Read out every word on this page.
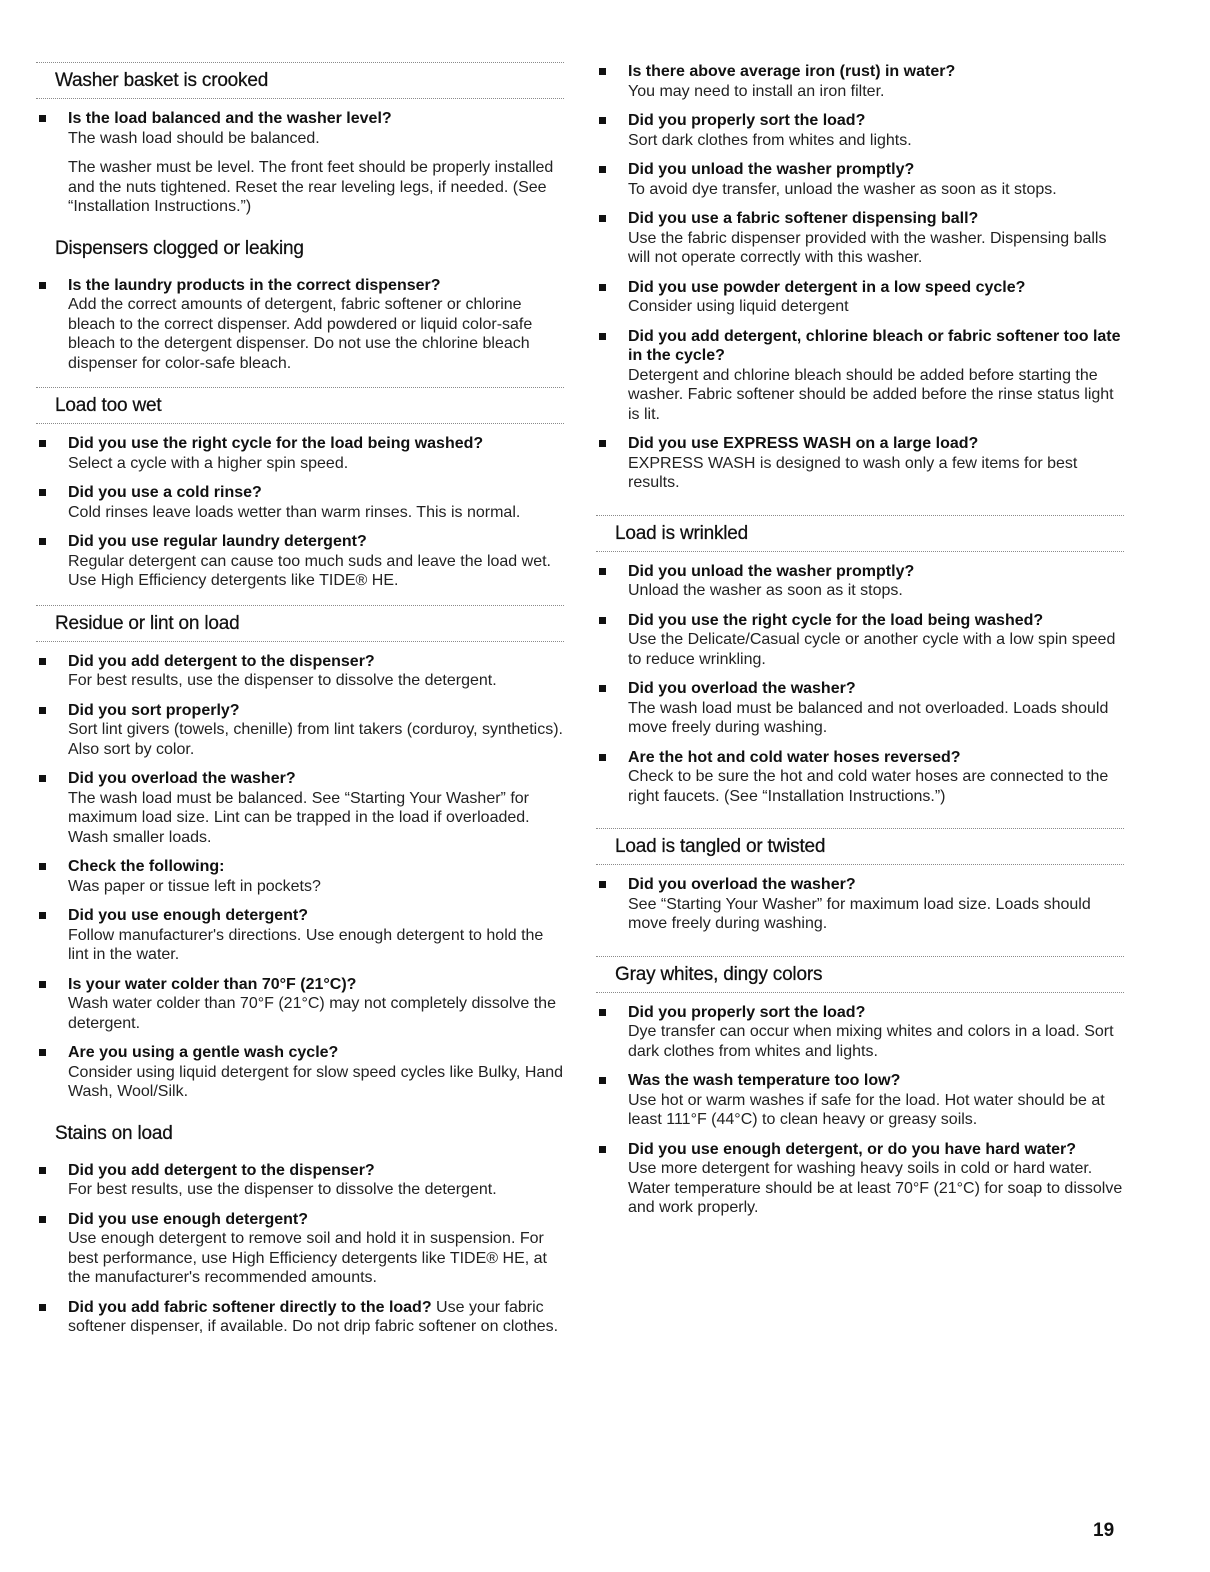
Washer basket is crooked
Is the load balanced and the washer level?
The wash load should be balanced.
The washer must be level. The front feet should be properly installed and the nuts tightened. Reset the rear leveling legs, if needed. (See “Installation Instructions.”)
Dispensers clogged or leaking
Is the laundry products in the correct dispenser?
Add the correct amounts of detergent, fabric softener or chlorine bleach to the correct dispenser. Add powdered or liquid color-safe bleach to the detergent dispenser. Do not use the chlorine bleach dispenser for color-safe bleach.
Load too wet
Did you use the right cycle for the load being washed?
Select a cycle with a higher spin speed.
Did you use a cold rinse?
Cold rinses leave loads wetter than warm rinses. This is normal.
Did you use regular laundry detergent?
Regular detergent can cause too much suds and leave the load wet. Use High Efficiency detergents like TIDE® HE.
Residue or lint on load
Did you add detergent to the dispenser?
For best results, use the dispenser to dissolve the detergent.
Did you sort properly?
Sort lint givers (towels, chenille) from lint takers (corduroy, synthetics). Also sort by color.
Did you overload the washer?
The wash load must be balanced. See “Starting Your Washer” for maximum load size. Lint can be trapped in the load if overloaded. Wash smaller loads.
Check the following:
Was paper or tissue left in pockets?
Did you use enough detergent?
Follow manufacturer's directions. Use enough detergent to hold the lint in the water.
Is your water colder than 70°F (21°C)?
Wash water colder than 70°F (21°C) may not completely dissolve the detergent.
Are you using a gentle wash cycle?
Consider using liquid detergent for slow speed cycles like Bulky, Hand Wash, Wool/Silk.
Stains on load
Did you add detergent to the dispenser?
For best results, use the dispenser to dissolve the detergent.
Did you use enough detergent?
Use enough detergent to remove soil and hold it in suspension. For best performance, use High Efficiency detergents like TIDE® HE, at the manufacturer's recommended amounts.
Did you add fabric softener directly to the load? Use your fabric softener dispenser, if available. Do not drip fabric softener on clothes.
Is there above average iron (rust) in water?
You may need to install an iron filter.
Did you properly sort the load?
Sort dark clothes from whites and lights.
Did you unload the washer promptly?
To avoid dye transfer, unload the washer as soon as it stops.
Did you use a fabric softener dispensing ball?
Use the fabric dispenser provided with the washer. Dispensing balls will not operate correctly with this washer.
Did you use powder detergent in a low speed cycle?
Consider using liquid detergent
Did you add detergent, chlorine bleach or fabric softener too late in the cycle?
Detergent and chlorine bleach should be added before starting the washer. Fabric softener should be added before the rinse status light is lit.
Did you use EXPRESS WASH on a large load?
EXPRESS WASH is designed to wash only a few items for best results.
Load is wrinkled
Did you unload the washer promptly?
Unload the washer as soon as it stops.
Did you use the right cycle for the load being washed?
Use the Delicate/Casual cycle or another cycle with a low spin speed to reduce wrinkling.
Did you overload the washer?
The wash load must be balanced and not overloaded. Loads should move freely during washing.
Are the hot and cold water hoses reversed?
Check to be sure the hot and cold water hoses are connected to the right faucets. (See “Installation Instructions.”)
Load is tangled or twisted
Did you overload the washer?
See “Starting Your Washer” for maximum load size. Loads should move freely during washing.
Gray whites, dingy colors
Did you properly sort the load?
Dye transfer can occur when mixing whites and colors in a load. Sort dark clothes from whites and lights.
Was the wash temperature too low?
Use hot or warm washes if safe for the load. Hot water should be at least 111°F (44°C) to clean heavy or greasy soils.
Did you use enough detergent, or do you have hard water?
Use more detergent for washing heavy soils in cold or hard water. Water temperature should be at least 70°F (21°C) for soap to dissolve and work properly.
19
